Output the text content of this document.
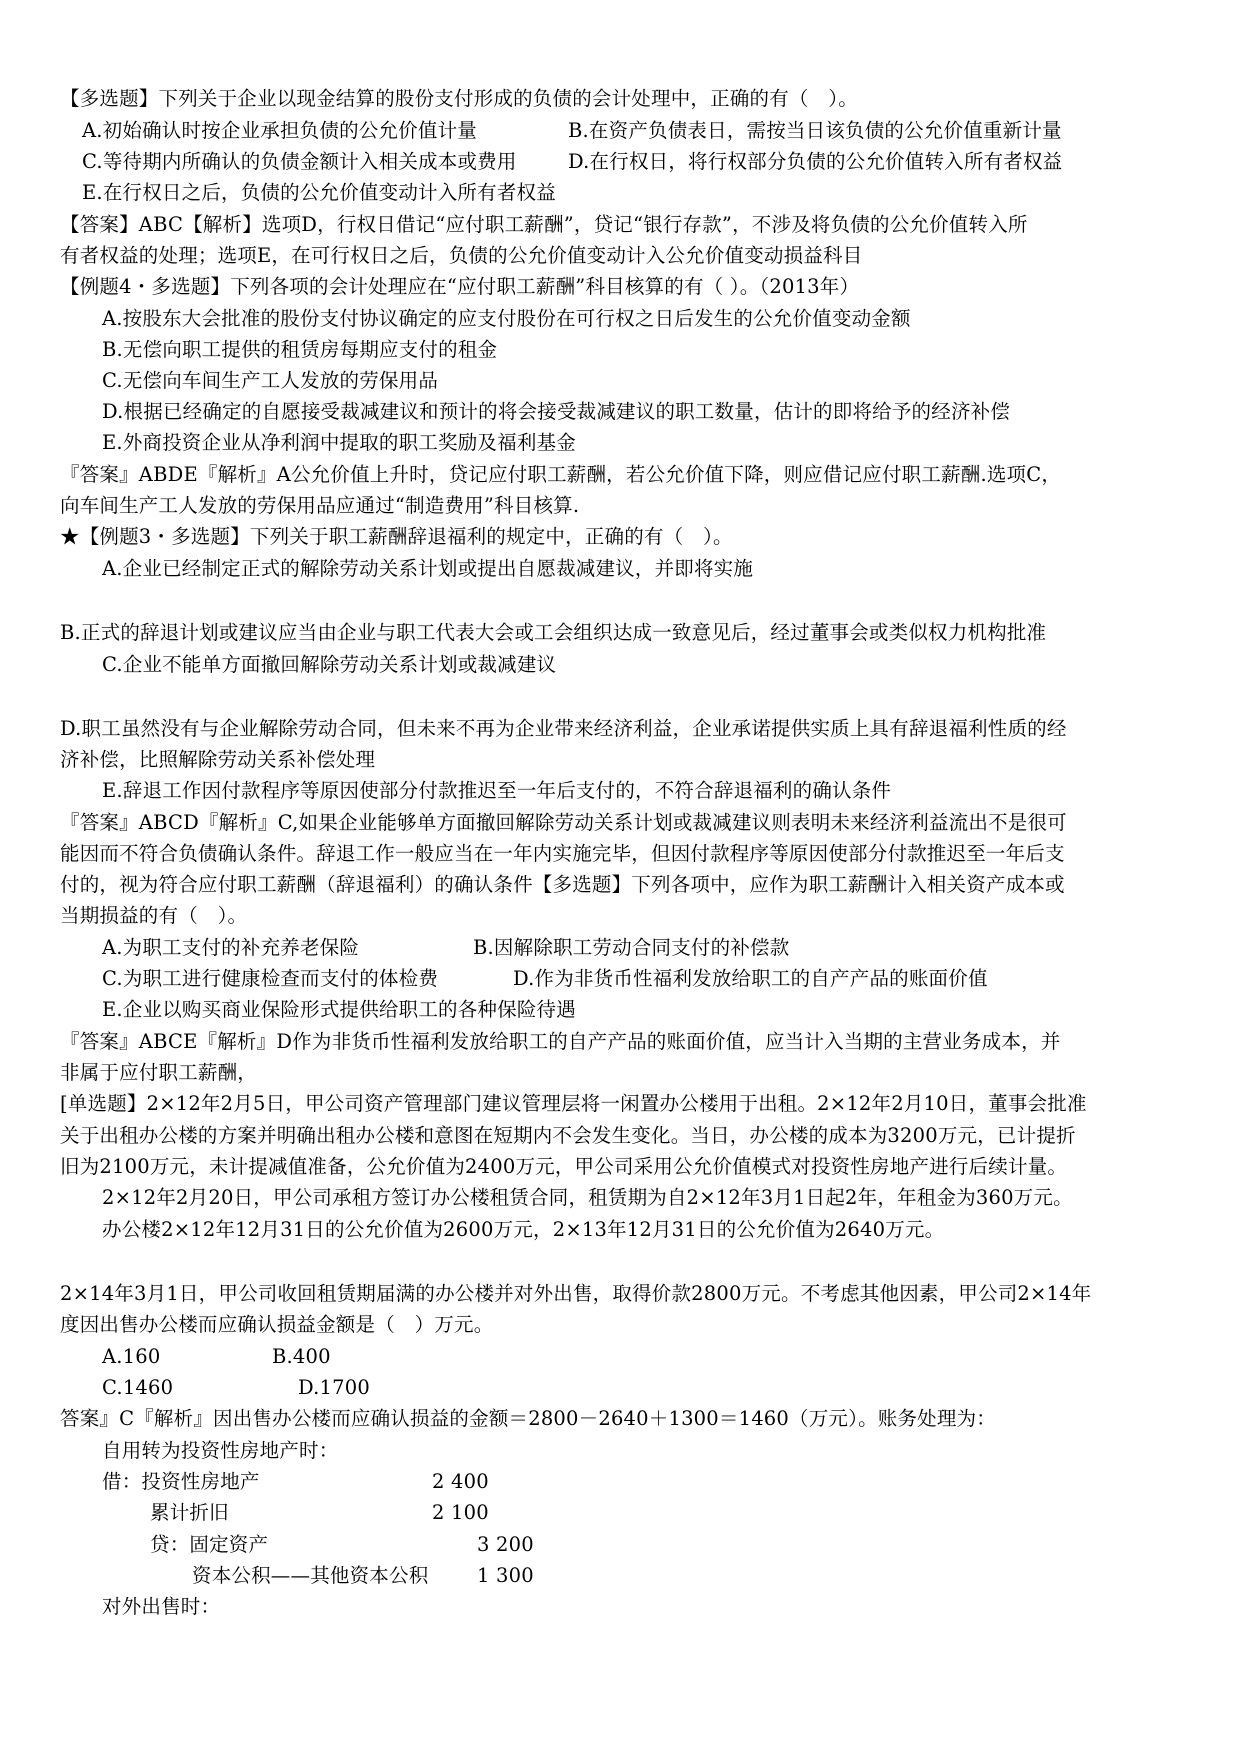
【多选题】下列关于企业以现金结算的股份支付形成的负债的会计处理中，正确的有（　）。
A.初始确认时按企业承担负债的公允价值计量	B.在资产负债表日，需按当日该负债的公允价值重新计量
C.等待期内所确认的负债金额计入相关成本或费用	D.在行权日，将行权部分负债的公允价值转入所有者权益
E.在行权日之后，负债的公允价值变动计入所有者权益
【答案】ABC【解析】选项D，行权日借记“应付职工薪酬”，贷记“银行存款”，不涉及将负债的公允价值转入所
有者权益的处理；选项E，在可行权日之后，负债的公允价值变动计入公允价值变动损益科目
【例题4・多选题】下列各项的会计处理应在“应付职工薪酬”科目核算的有（ ）。（2013年）
A.按股东大会批准的股份支付协议确定的应支付股份在可行权之日后发生的公允价值变动金额
B.无偿向职工提供的租赁房每期应支付的租金
C.无偿向车间生产工人发放的劳保用品
D.根据已经确定的自愿接受裁减建议和预计的将会接受裁减建议的职工数量，估计的即将给予的经济补偿
E.外商投资企业从净利润中提取的职工奖励及福利基金
『答案』ABDE『解析』A公允价值上升时，贷记应付职工薪酬，若公允价值下降，则应借记应付职工薪酬.选项C，
向车间生产工人发放的劳保用品应通过“制造费用”科目核算.
★【例题3・多选题】下列关于职工薪酬辞退福利的规定中，正确的有（　）。
A.企业已经制定正式的解除劳动关系计划或提出自愿裁减建议，并即将实施
B.正式的辞退计划或建议应当由企业与职工代表大会或工会组织达成一致意见后，经过董事会或类似权力机构批准
C.企业不能单方面撤回解除劳动关系计划或裁减建议
D.职工虽然没有与企业解除劳动合同，但未来不再为企业带来经济利益，企业承诺提供实质上具有辞退福利性质的经
济补偿，比照解除劳动关系补偿处理
E.辞退工作因付款程序等原因使部分付款推迟至一年后支付的，不符合辞退福利的确认条件
『答案』ABCD『解析』C,如果企业能够单方面撤回解除劳动关系计划或裁减建议则表明未来经济利益流出不是很可
能因而不符合负债确认条件。辞退工作一般应当在一年内实施完毕，但因付款程序等原因使部分付款推迟至一年后支
付的，视为符合应付职工薪酬（辞退福利）的确认条件【多选题】下列各项中，应作为职工薪酬计入相关资产成本或
当期损益的有（　）。
A.为职工支付的补充养老保险	B.因解除职工劳动合同支付的补偿款
C.为职工进行健康检查而支付的体检费	D.作为非货币性福利发放给职工的自产产品的账面价值
E.企业以购买商业保险形式提供给职工的各种保险待遇
『答案』ABCE『解析』D作为非货币性福利发放给职工的自产产品的账面价值，应当计入当期的主营业务成本，并
非属于应付职工薪酬，
[单选题】2×12年2月5日，甲公司资产管理部门建议管理层将一闲置办公楼用于出租。2×12年2月10日，董事会批准
关于出租办公楼的方案并明确出租办公楼和意图在短期内不会发生变化。当日，办公楼的成本为3200万元，已计提折
旧为2100万元，未计提减值准备，公允价值为2400万元，甲公司采用公允价值模式对投资性房地产进行后续计量。
2×12年2月20日，甲公司承租方签订办公楼租赁合同，租赁期为自2×12年3月1日起2年，年租金为360万元。
办公楼2×12年12月31日的公允价值为2600万元，2×13年12月31日的公允价值为2640万元。
2×14年3月1日，甲公司收回租赁期届满的办公楼并对外出售，取得价款2800万元。不考虑其他因素，甲公司2×14年
度因出售办公楼而应确认损益金额是（　）万元。
A.160	B.400
C.1460	D.1700
答案』C『解析』因出售办公楼而应确认损益的金额＝2800－2640＋1300＝1460（万元）。账务处理为：
自用转为投资性房地产时：
借：投资性房地产	2 400
累计折旧	2 100
贷：固定资产	3 200
资本公积——其他资本公积 1 300
对外出售时：
